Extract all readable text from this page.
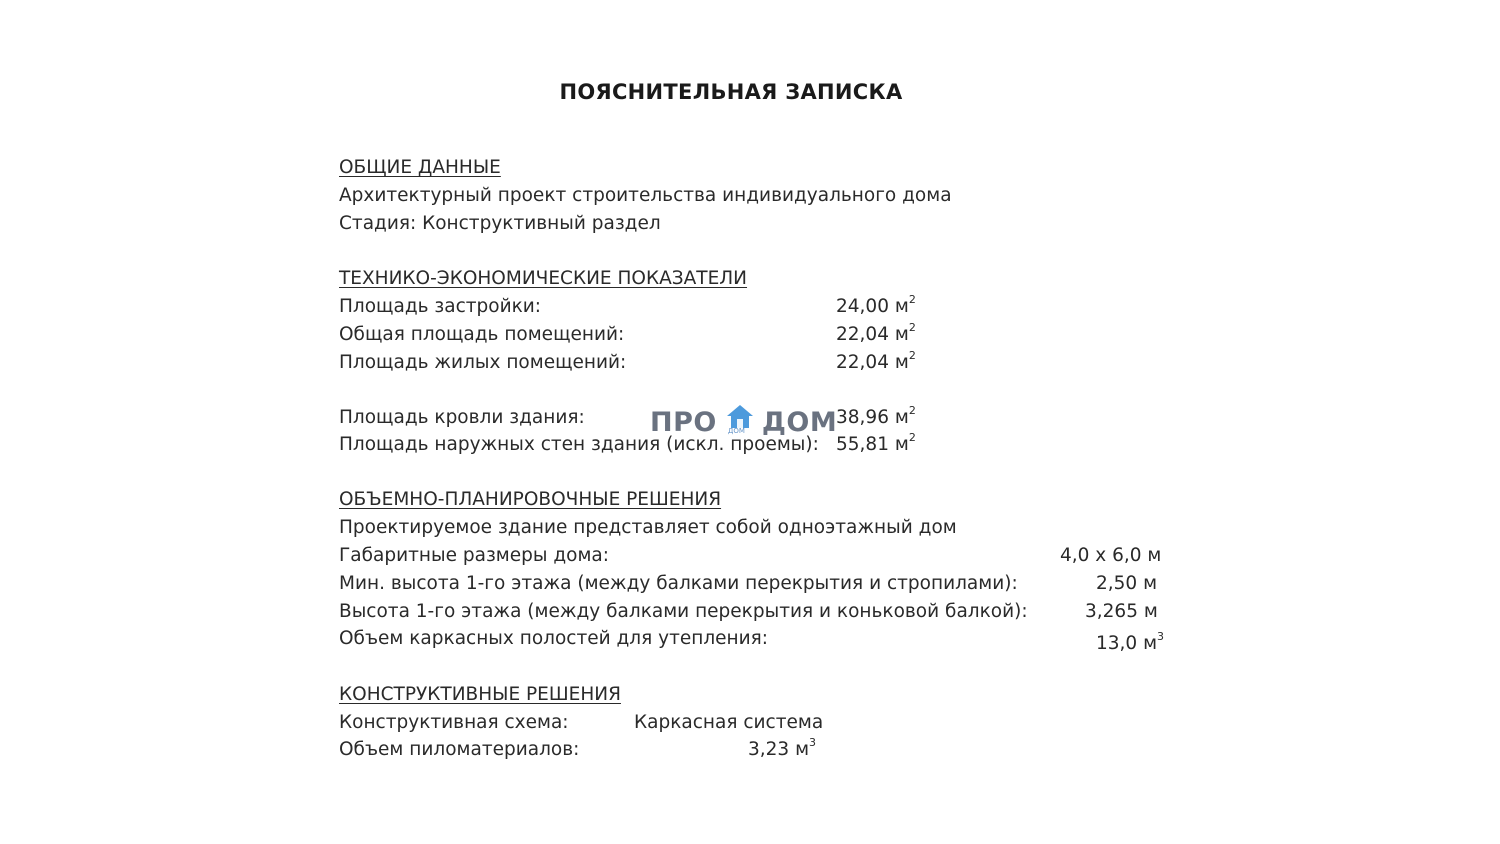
ПОЯСНИТЕЛЬНАЯ ЗАПИСКА
ОБЩИЕ ДАННЫЕ
Архитектурный проект строительства индивидуального дома
Стадия: Конструктивный раздел
ТЕХНИКО-ЭКОНОМИЧЕСКИЕ ПОКАЗАТЕЛИ
Площадь застройки:	24,00 $м^2$
Общая площадь помещений:	22,04 $м^2$
Площадь жилых помещений:	22,04 $м^2$
Площадь кровли здания:	38,96 $м^2$
Площадь наружных стен здания (искл. проемы): 55,81 $м^2$
ОБЪЕМНО-ПЛАНИРОВОЧНЫЕ РЕШЕНИЯ
Проектируемое здание представляет собой одноэтажный дом
Габаритные размеры дома:	4,0 х 6,0 м
Мин. высота 1-го этажа (между балками перекрытия и стропилами):	2,50 м
Высота 1-го этажа (между балками перекрытия и коньковой балкой):	3,265 м
Объем каркасных полостей для утепления:	13,0 $м^3$
КОНСТРУКТИВНЫЕ РЕШЕНИЯ
Конструктивная схема:	Каркасная система
Объем пиломатериалов:	3,23 $м^3$
ПРО ДОМ ДОМ
